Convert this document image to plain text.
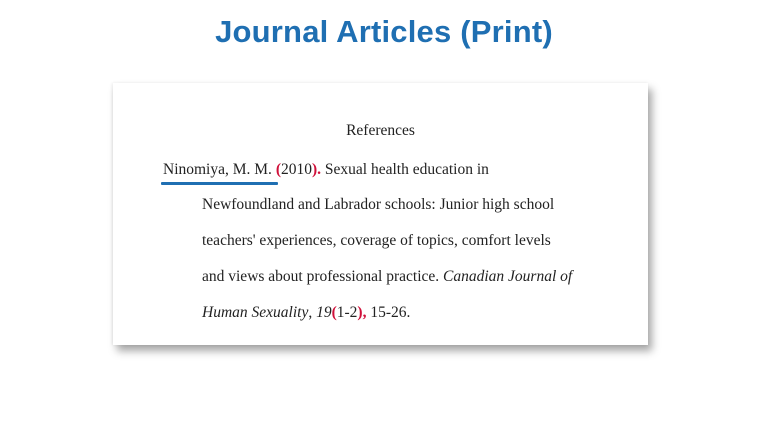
Journal Articles (Print)
References
Ninomiya, M. M. (2010). Sexual health education in
Newfoundland and Labrador schools: Junior high school
teachers' experiences, coverage of topics, comfort levels
and views about professional practice. Canadian Journal of
Human Sexuality, 19(1-2), 15-26.
